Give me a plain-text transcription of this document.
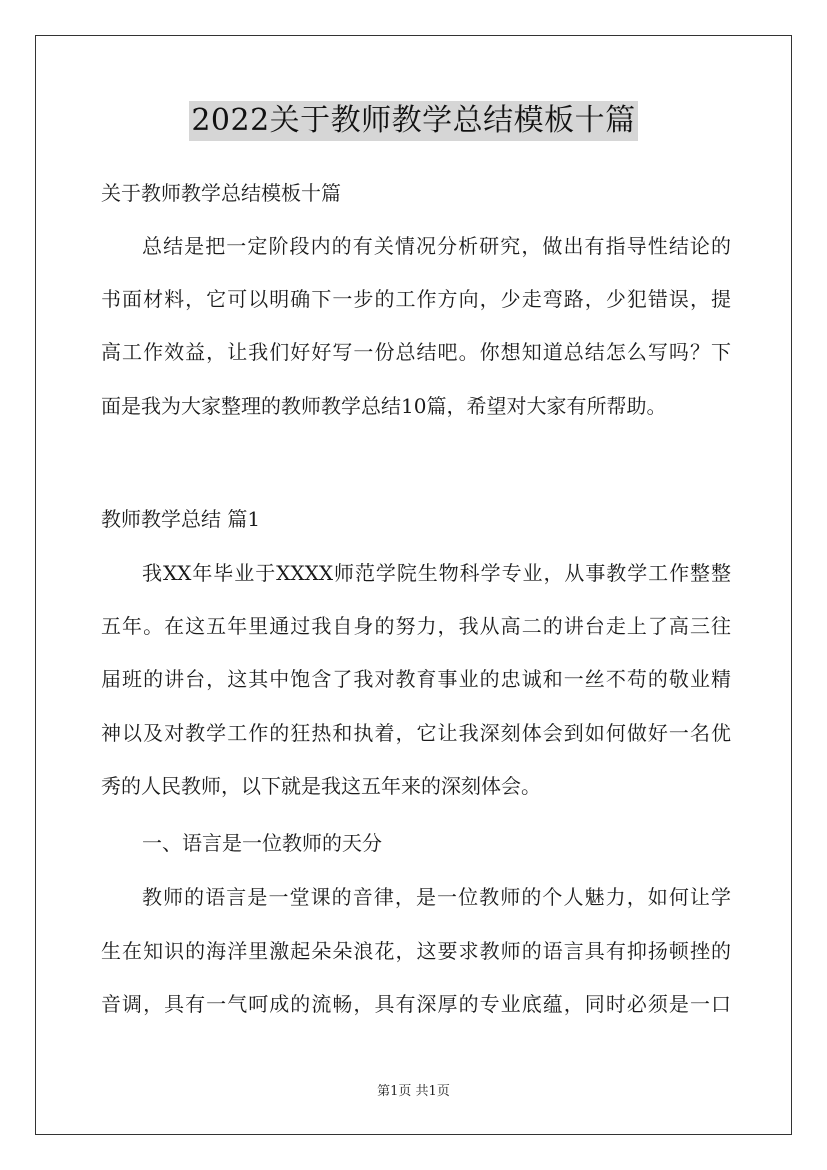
2022关于教师教学总结模板十篇
关于教师教学总结模板十篇
总结是把一定阶段内的有关情况分析研究，做出有指导性结论的
书面材料，它可以明确下一步的工作方向，少走弯路，少犯错误，提
高工作效益，让我们好好写一份总结吧。你想知道总结怎么写吗？下
面是我为大家整理的教师教学总结10篇，希望对大家有所帮助。
教师教学总结 篇1
我XX年毕业于XXXX师范学院生物科学专业，从事教学工作整整
五年。在这五年里通过我自身的努力，我从高二的讲台走上了高三往
届班的讲台，这其中饱含了我对教育事业的忠诚和一丝不苟的敬业精
神以及对教学工作的狂热和执着，它让我深刻体会到如何做好一名优
秀的人民教师，以下就是我这五年来的深刻体会。
一、语言是一位教师的天分
教师的语言是一堂课的音律，是一位教师的个人魅力，如何让学
生在知识的海洋里激起朵朵浪花，这要求教师的语言具有抑扬顿挫的
音调，具有一气呵成的流畅，具有深厚的专业底蕴，同时必须是一口
第1页 共1页
